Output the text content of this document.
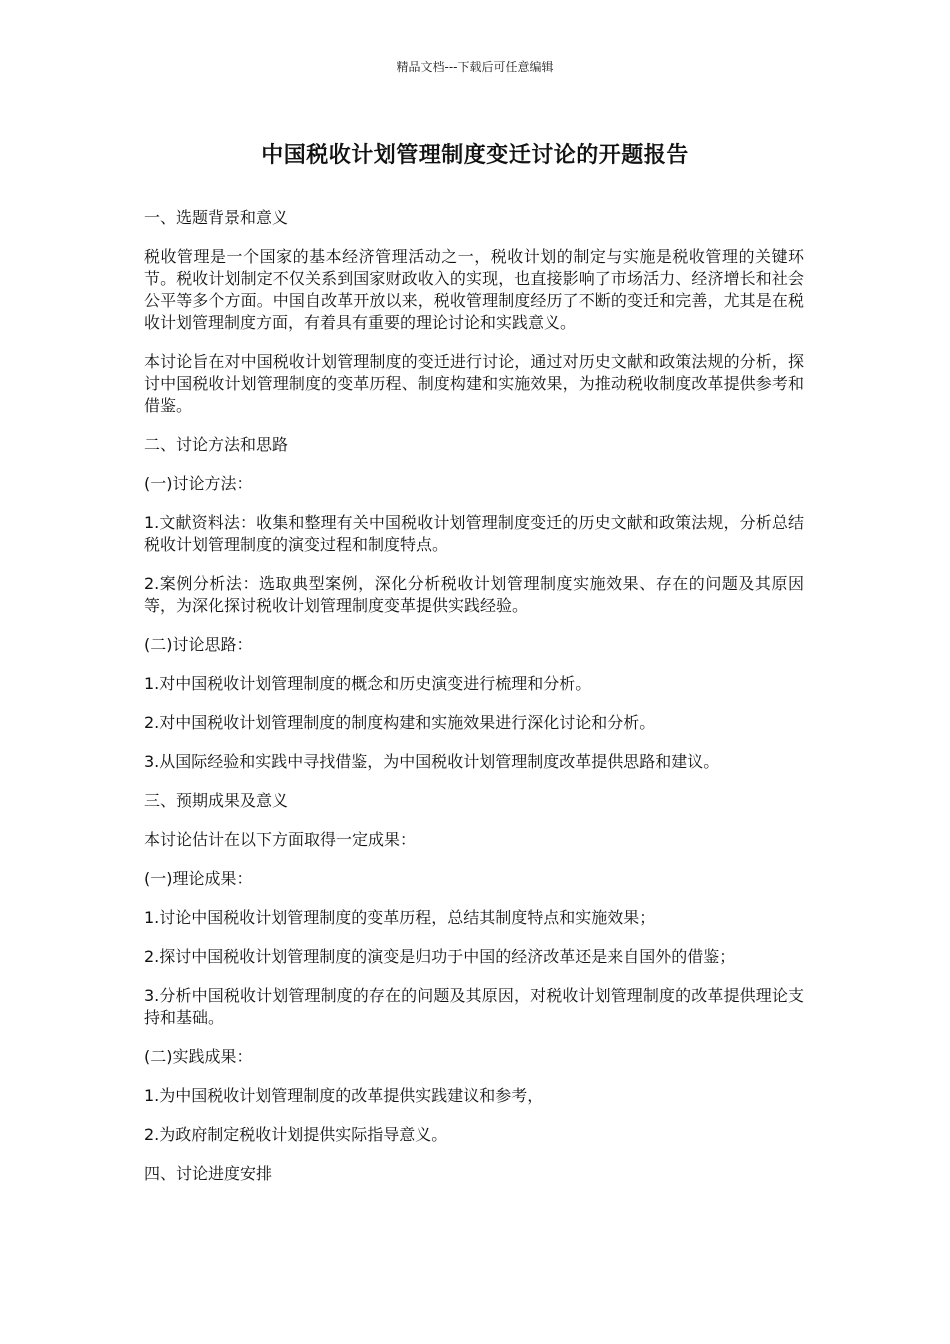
精品文档---下载后可任意编辑
中国税收计划管理制度变迁讨论的开题报告

一、选题背景和意义

税收管理是一个国家的基本经济管理活动之一，税收计划的制定与实施是税收管理的关键环节。税收计划制定不仅关系到国家财政收入的实现，也直接影响了市场活力、经济增长和社会公平等多个方面。中国自改革开放以来，税收管理制度经历了不断的变迁和完善，尤其是在税收计划管理制度方面，有着具有重要的理论讨论和实践意义。

本讨论旨在对中国税收计划管理制度的变迁进行讨论，通过对历史文献和政策法规的分析，探讨中国税收计划管理制度的变革历程、制度构建和实施效果，为推动税收制度改革提供参考和借鉴。

二、讨论方法和思路

(一)讨论方法：

1.文献资料法：收集和整理有关中国税收计划管理制度变迁的历史文献和政策法规，分析总结税收计划管理制度的演变过程和制度特点。

2.案例分析法：选取典型案例，深化分析税收计划管理制度实施效果、存在的问题及其原因等，为深化探讨税收计划管理制度变革提供实践经验。

(二)讨论思路：

1.对中国税收计划管理制度的概念和历史演变进行梳理和分析。

2.对中国税收计划管理制度的制度构建和实施效果进行深化讨论和分析。

3.从国际经验和实践中寻找借鉴，为中国税收计划管理制度改革提供思路和建议。

三、预期成果及意义

本讨论估计在以下方面取得一定成果：

(一)理论成果：

1.讨论中国税收计划管理制度的变革历程，总结其制度特点和实施效果；

2.探讨中国税收计划管理制度的演变是归功于中国的经济改革还是来自国外的借鉴；

3.分析中国税收计划管理制度的存在的问题及其原因，对税收计划管理制度的改革提供理论支持和基础。

(二)实践成果：

1.为中国税收计划管理制度的改革提供实践建议和参考，

2.为政府制定税收计划提供实际指导意义。

四、讨论进度安排
